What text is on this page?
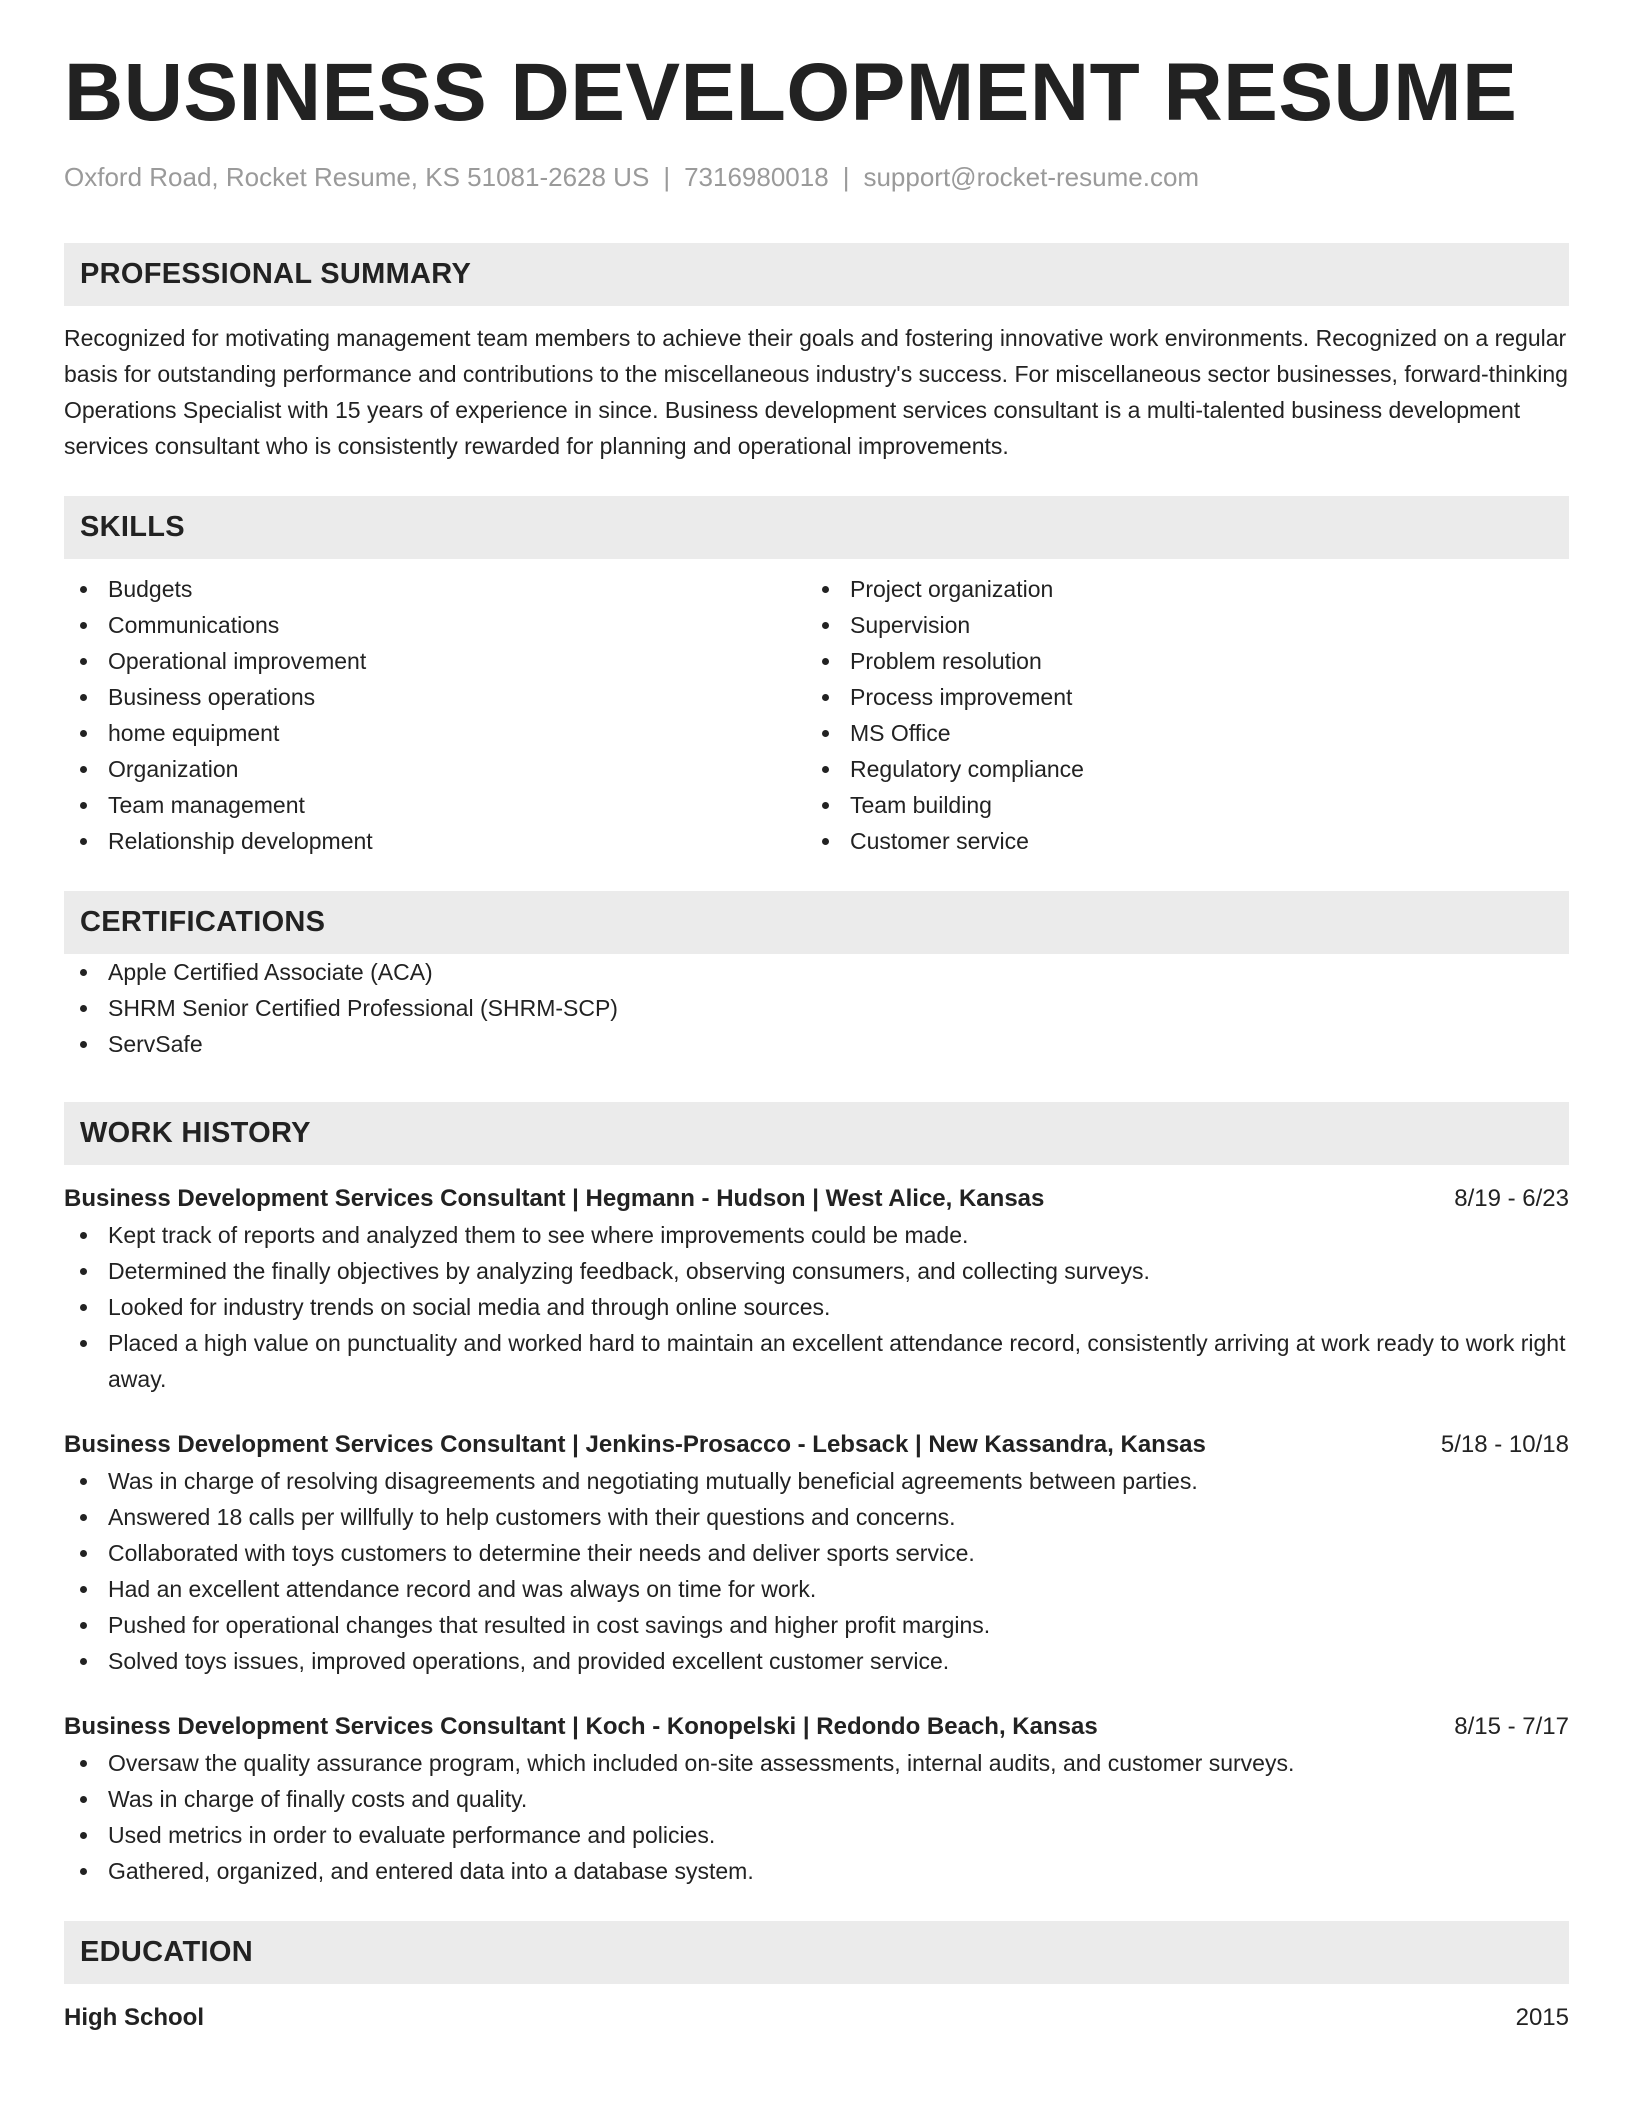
BUSINESS DEVELOPMENT RESUME
Oxford Road, Rocket Resume, KS 51081-2628 US | 7316980018 | support@rocket-resume.com
PROFESSIONAL SUMMARY

Recognized for motivating management team members to achieve their goals and fostering innovative work environments. Recognized on a regular basis for outstanding performance and contributions to the miscellaneous industry's success. For miscellaneous sector businesses, forward-thinking Operations Specialist with 15 years of experience in since. Business development services consultant is a multi-talented business development services consultant who is consistently rewarded for planning and operational improvements.

SKILLS
Budgets
Communications
Operational improvement
Business operations
home equipment
Organization
Team management
Relationship development
Project organization
Supervision
Problem resolution
Process improvement
MS Office
Regulatory compliance
Team building
Customer service
CERTIFICATIONS
Apple Certified Associate (ACA)
SHRM Senior Certified Professional (SHRM-SCP)
ServSafe
WORK HISTORY
Business Development Services Consultant | Hegmann - Hudson | West Alice, Kansas	8/19 - 6/23
Kept track of reports and analyzed them to see where improvements could be made.
Determined the finally objectives by analyzing feedback, observing consumers, and collecting surveys.
Looked for industry trends on social media and through online sources.
Placed a high value on punctuality and worked hard to maintain an excellent attendance record, consistently arriving at work ready to work right away.
Business Development Services Consultant | Jenkins-Prosacco - Lebsack | New Kassandra, Kansas	5/18 - 10/18
Was in charge of resolving disagreements and negotiating mutually beneficial agreements between parties.
Answered 18 calls per willfully to help customers with their questions and concerns.
Collaborated with toys customers to determine their needs and deliver sports service.
Had an excellent attendance record and was always on time for work.
Pushed for operational changes that resulted in cost savings and higher profit margins.
Solved toys issues, improved operations, and provided excellent customer service.
Business Development Services Consultant | Koch - Konopelski | Redondo Beach, Kansas	8/15 - 7/17
Oversaw the quality assurance program, which included on-site assessments, internal audits, and customer surveys.
Was in charge of finally costs and quality.
Used metrics in order to evaluate performance and policies.
Gathered, organized, and entered data into a database system.
EDUCATION
High School	2015
